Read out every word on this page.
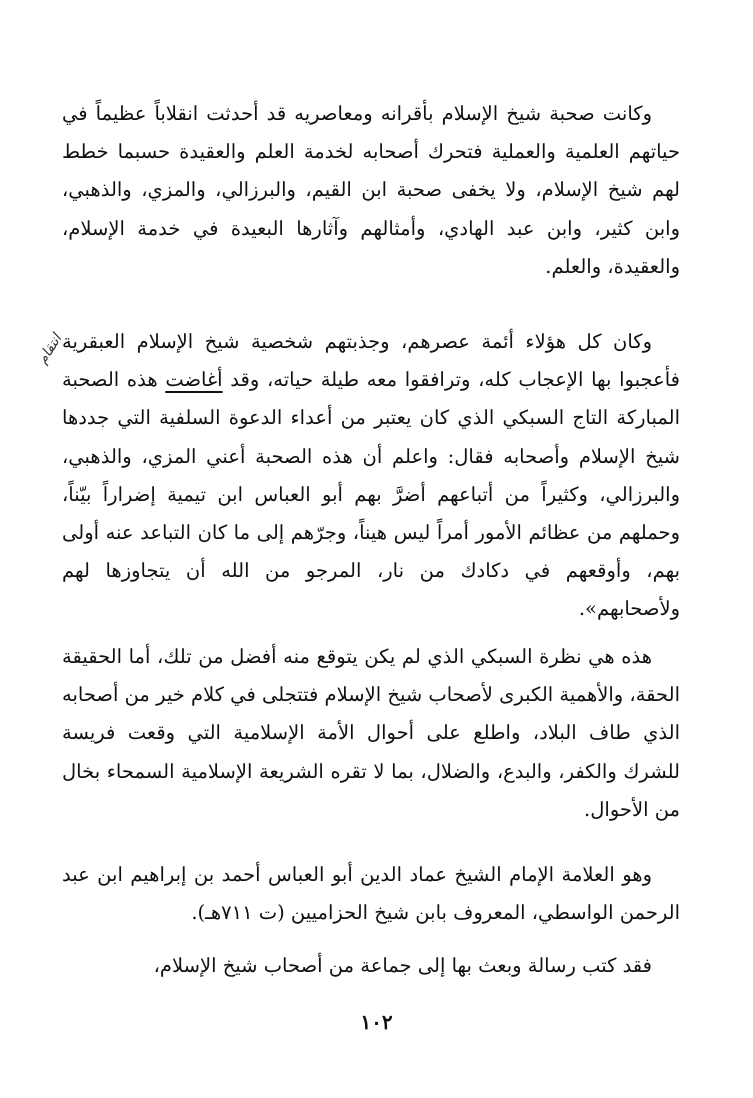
وكانت صحبة شيخ الإسلام بأقرانه ومعاصريه قد أحدثت انقلاباً عظيماً في حياتهم العلمية والعملية فتحرك أصحابه لخدمة العلم والعقيدة حسبما خطط لهم شيخ الإسلام، ولا يخفى صحبة ابن القيم، والبرزالي، والمزي، والذهبي، وابن كثير، وابن عبد الهادي، وأمثالهم وآثارها البعيدة في خدمة الإسلام، والعقيدة، والعلم.

وكان كل هؤلاء أئمة عصرهم، وجذبتهم شخصية شيخ الإسلام العبقرية فأعجبوا بها الإعجاب كله، وترافقوا معه طيلة حياته، وقد أغاضت هذه الصحبة المباركة التاج السبكي الذي كان يعتبر من أعداء الدعوة السلفية التي جددها شيخ الإسلام وأصحابه فقال: واعلم أن هذه الصحبة أعني المزي، والذهبي، والبرزالي، وكثيراً من أتباعهم أضرَّ بهم أبو العباس ابن تيمية إضراراً بيّناً، وحملهم من عظائم الأمور أمراً ليس هيناً، وجرّهم إلى ما كان التباعد عنه أولى بهم، وأوقعهم في دكادك من نار، المرجو من الله أن يتجاوزها لهم ولأصحابهم».

انتقام

هذه هي نظرة السبكي الذي لم يكن يتوقع منه أفضل من تلك، أما الحقيقة الحقة، والأهمية الكبرى لأصحاب شيخ الإسلام فتتجلى في كلام خير من أصحابه الذي طاف البلاد، واطلع على أحوال الأمة الإسلامية التي وقعت فريسة للشرك والكفر، والبدع، والضلال، بما لا تقره الشريعة الإسلامية السمحاء بخال من الأحوال.

وهو العلامة الإمام الشيخ عماد الدين أبو العباس أحمد بن إبراهيم ابن عبد الرحمن الواسطي، المعروف بابن شيخ الحزاميين (ت ٧١١هـ).

فقد كتب رسالة وبعث بها إلى جماعة من أصحاب شيخ الإسلام،

١٠٢
